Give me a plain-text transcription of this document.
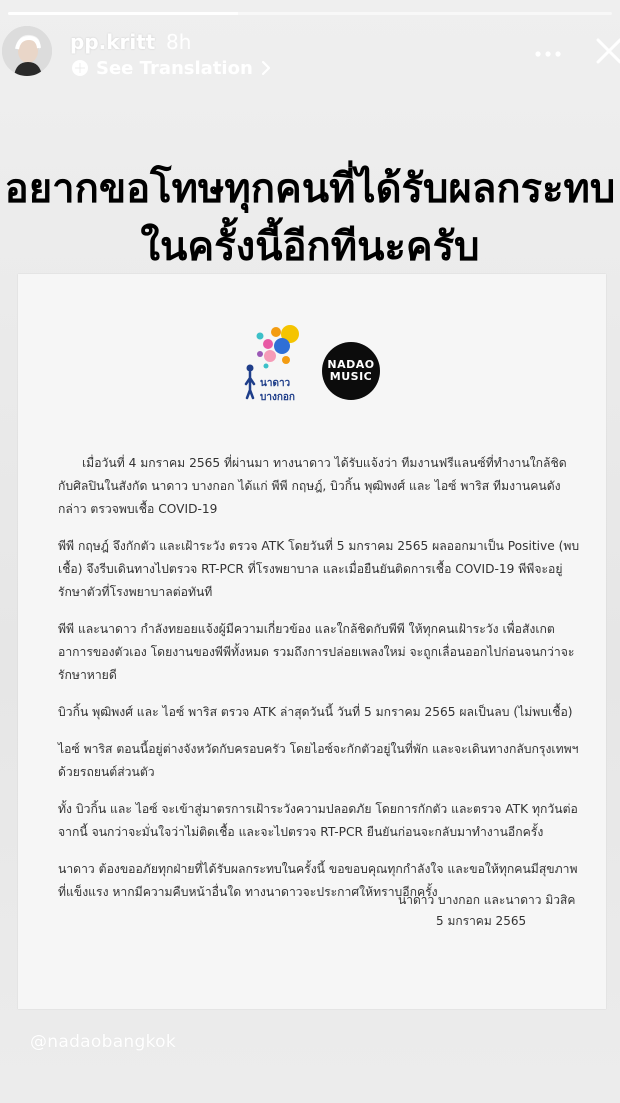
pp.kritt 8h
See Translation
อยากขอโทษทุกคนที่ได้รับผลกระทบ
ในครั้งนี้อีกทีนะครับ
นาดาว
บางกอก
NADAO
MUSIC

เมื่อวันที่ 4 มกราคม 2565 ที่ผ่านมา ทางนาดาว ได้รับแจ้งว่า ทีมงานฟรีแลนซ์ที่ทำงานใกล้ชิดกับศิลปินในสังกัด นาดาว บางกอก ได้แก่ พีพี กฤษฎ์, บิวกิ้น พุฒิพงศ์ และ ไอซ์ พาริส ทีมงานคนดังกล่าว ตรวจพบเชื้อ COVID-19

พีพี กฤษฎ์ จึงกักตัว และเฝ้าระวัง ตรวจ ATK โดยวันที่ 5 มกราคม 2565 ผลออกมาเป็น Positive (พบเชื้อ) จึงรีบเดินทางไปตรวจ RT-PCR ที่โรงพยาบาล และเมื่อยืนยันติดการเชื้อ COVID-19 พีพีจะอยู่รักษาตัวที่โรงพยาบาลต่อทันที

พีพี และนาดาว กำลังทยอยแจ้งผู้มีความเกี่ยวข้อง และใกล้ชิดกับพีพี ให้ทุกคนเฝ้าระวัง เพื่อสังเกตอาการของตัวเอง โดยงานของพีพีทั้งหมด รวมถึงการปล่อยเพลงใหม่ จะถูกเลื่อนออกไปก่อนจนกว่าจะรักษาหายดี

บิวกิ้น พุฒิพงศ์ และ ไอซ์ พาริส ตรวจ ATK ล่าสุดวันนี้ วันที่ 5 มกราคม 2565 ผลเป็นลบ (ไม่พบเชื้อ)

ไอซ์ พาริส ตอนนี้อยู่ต่างจังหวัดกับครอบครัว โดยไอซ์จะกักตัวอยู่ในที่พัก และจะเดินทางกลับกรุงเทพฯ ด้วยรถยนต์ส่วนตัว

ทั้ง บิวกิ้น และ ไอซ์ จะเข้าสู่มาตรการเฝ้าระวังความปลอดภัย โดยการกักตัว และตรวจ ATK ทุกวันต่อจากนี้ จนกว่าจะมั่นใจว่าไม่ติดเชื้อ และจะไปตรวจ RT-PCR ยืนยันก่อนจะกลับมาทำงานอีกครั้ง

นาดาว ต้องขออภัยทุกฝ่ายที่ได้รับผลกระทบในครั้งนี้ ขอขอบคุณทุกกำลังใจ และขอให้ทุกคนมีสุขภาพที่แข็งแรง หากมีความคืบหน้าอื่นใด ทางนาดาวจะประกาศให้ทราบอีกครั้ง

นาดาว บางกอก และนาดาว มิวสิค
5 มกราคม 2565
@nadaobangkok
